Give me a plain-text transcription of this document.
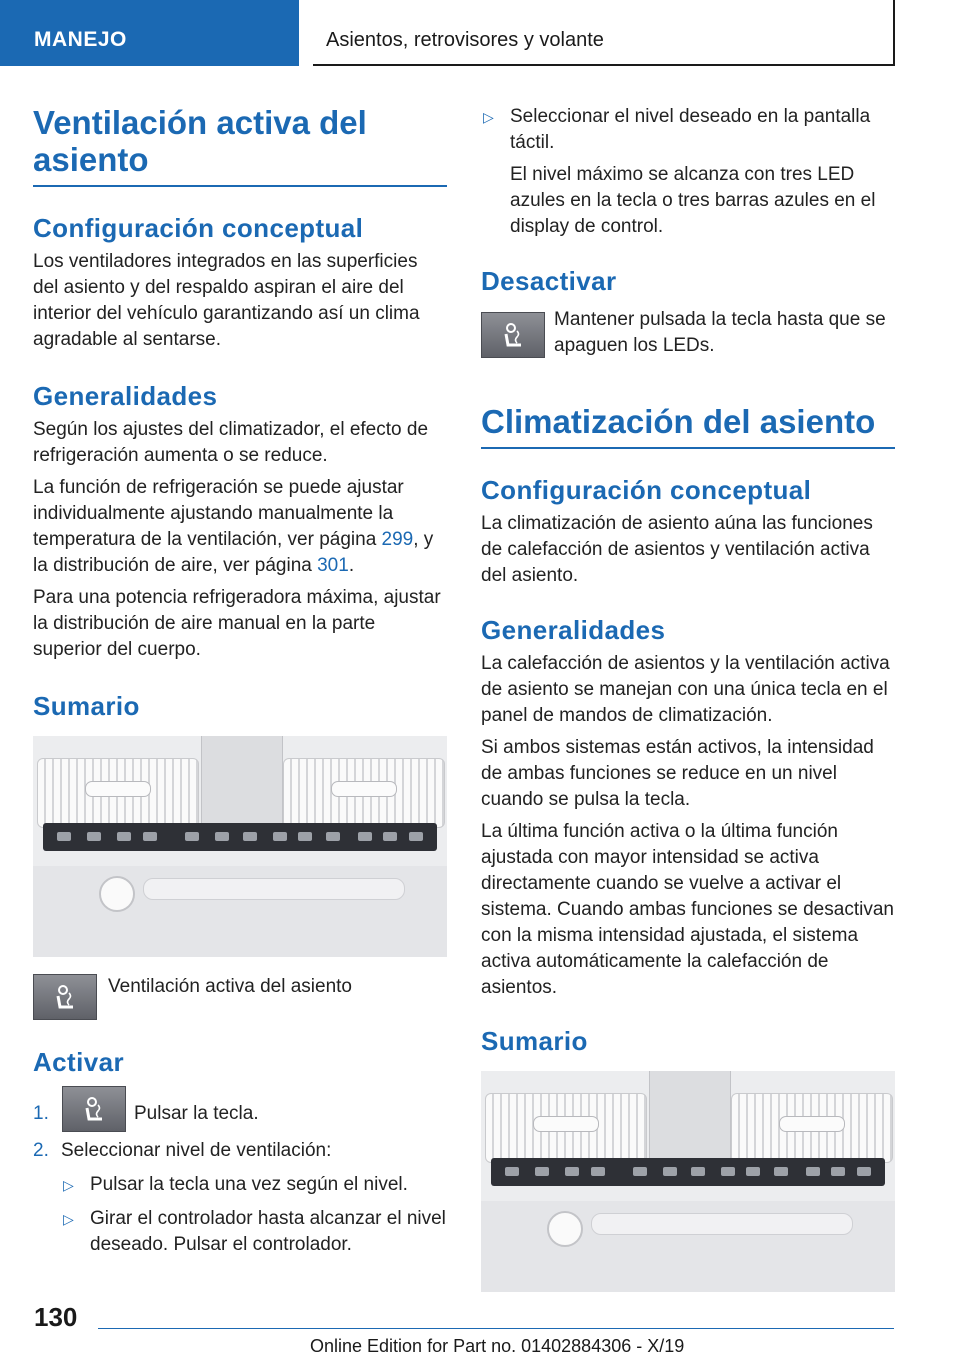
MANEJO	Asientos, retrovisores y volante
Ventilación activa del asiento
Configuración conceptual

Los ventiladores integrados en las superficies del asiento y del respaldo aspiran el aire del interior del vehículo garantizando así un clima agradable al sentarse.

Generalidades

Según los ajustes del climatizador, el efecto de refrigeración aumenta o se reduce.

La función de refrigeración se puede ajustar individualmente ajustando manualmente la temperatura de la ventilación, ver página 299, y la distribución de aire, ver página 301.

Para una potencia refrigeradora máxima, ajustar la distribución de aire manual en la parte superior del cuerpo.

Sumario

Ventilación activa del asiento

Activar
1.	Pulsar la tecla.

2. Seleccionar nivel de ventilación:

▷ Pulsar la tecla una vez según el nivel.

▷ Girar el controlador hasta alcanzar el nivel deseado. Pulsar el controlador.

▷ Seleccionar el nivel deseado en la pantalla táctil.

El nivel máximo se alcanza con tres LED azules en la tecla o tres barras azules en el display de control.

Desactivar

Mantener pulsada la tecla hasta que se apaguen los LEDs.

Climatización del asiento
Configuración conceptual

La climatización de asiento aúna las funciones de calefacción de asientos y ventilación activa del asiento.

Generalidades

La calefacción de asientos y la ventilación activa de asiento se manejan con una única tecla en el panel de mandos de climatización.

Si ambos sistemas están activos, la intensidad de ambas funciones se reduce en un nivel cuando se pulsa la tecla.

La última función activa o la última función ajustada con mayor intensidad se activa directamente cuando se vuelve a activar el sistema. Cuando ambas funciones se desactivan con la misma intensidad ajustada, el sistema activa automáticamente la calefacción de asientos.

Sumario
130
Online Edition for Part no. 01402884306 - X/19
